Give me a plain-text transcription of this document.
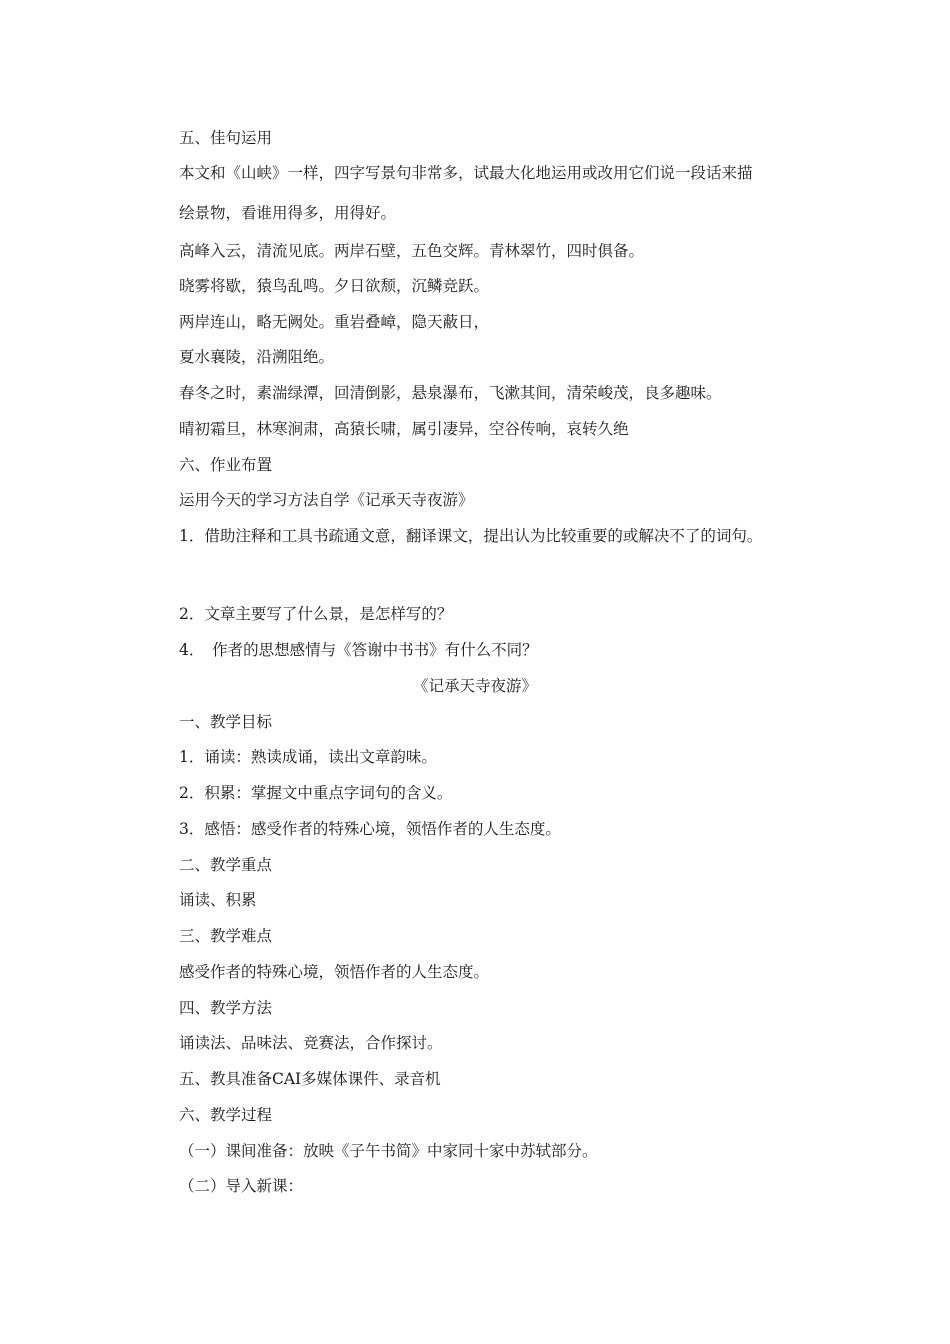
五、佳句运用

本文和《山峡》一样，四字写景句非常多，试最大化地运用或改用它们说一段话来描

绘景物，看谁用得多，用得好。

高峰入云，清流见底。两岸石壁，五色交辉。青林翠竹，四时俱备。

晓雾将歇，猿鸟乱鸣。夕日欲颓，沉鳞竞跃。

两岸连山，略无阙处。重岩叠嶂，隐天蔽日，

夏水襄陵，沿溯阻绝。

春冬之时，素湍绿潭，回清倒影，悬泉瀑布，飞漱其间，清荣峻茂，良多趣味。

晴初霜旦，林寒涧肃，高猿长啸，属引凄异，空谷传响，哀转久绝

六、作业布置

运用今天的学习方法自学《记承天寺夜游》

1．借助注释和工具书疏通文意，翻译课文，提出认为比较重要的或解决不了的词句。

2．文章主要写了什么景，是怎样写的？

4．　作者的思想感情与《答谢中书书》有什么不同？

《记承天寺夜游》

一、教学目标

1．诵读：熟读成诵，读出文章韵味。

2．积累：掌握文中重点字词句的含义。

3．感悟：感受作者的特殊心境，领悟作者的人生态度。

二、教学重点

诵读、积累

三、教学难点

感受作者的特殊心境，领悟作者的人生态度。

四、教学方法

诵读法、品味法、竞赛法，合作探讨。

五、教具准备CAI多媒体课件、录音机

六、教学过程

（一）课间准备：放映《子午书简》中家同十家中苏轼部分。

（二）导入新课：
